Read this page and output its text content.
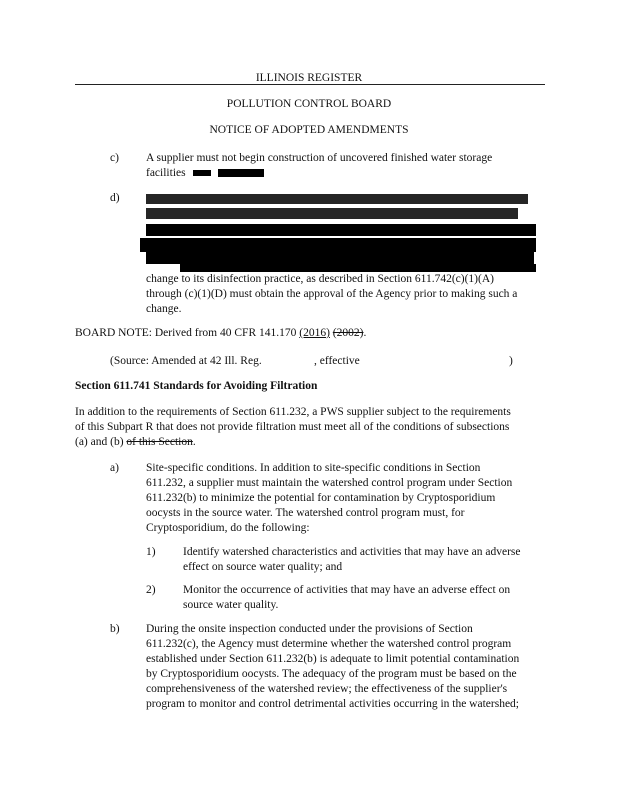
ILLINOIS REGISTER
POLLUTION CONTROL BOARD
NOTICE OF ADOPTED AMENDMENTS
c) A supplier must not begin construction of uncovered finished water storage
facilities
d)
change to its disinfection practice, as described in Section 611.742(c)(1)(A)
through (c)(1)(D) must obtain the approval of the Agency prior to making such a
change.
BOARD NOTE: Derived from 40 CFR 141.170 (2016) (2002).
(Source: Amended at 42 Ill. Reg.	, effective	)
Section 611.741 Standards for Avoiding Filtration
In addition to the requirements of Section 611.232, a PWS supplier subject to the requirements
of this Subpart R that does not provide filtration must meet all of the conditions of subsections
(a) and (b) of this Section.
a) Site-specific conditions. In addition to site-specific conditions in Section
611.232, a supplier must maintain the watershed control program under Section
611.232(b) to minimize the potential for contamination by Cryptosporidium
oocysts in the source water. The watershed control program must, for
Cryptosporidium, do the following:
1) Identify watershed characteristics and activities that may have an adverse
effect on source water quality; and
2) Monitor the occurrence of activities that may have an adverse effect on
source water quality.
b) During the onsite inspection conducted under the provisions of Section
611.232(c), the Agency must determine whether the watershed control program
established under Section 611.232(b) is adequate to limit potential contamination
by Cryptosporidium oocysts. The adequacy of the program must be based on the
comprehensiveness of the watershed review; the effectiveness of the supplier's
program to monitor and control detrimental activities occurring in the watershed;
